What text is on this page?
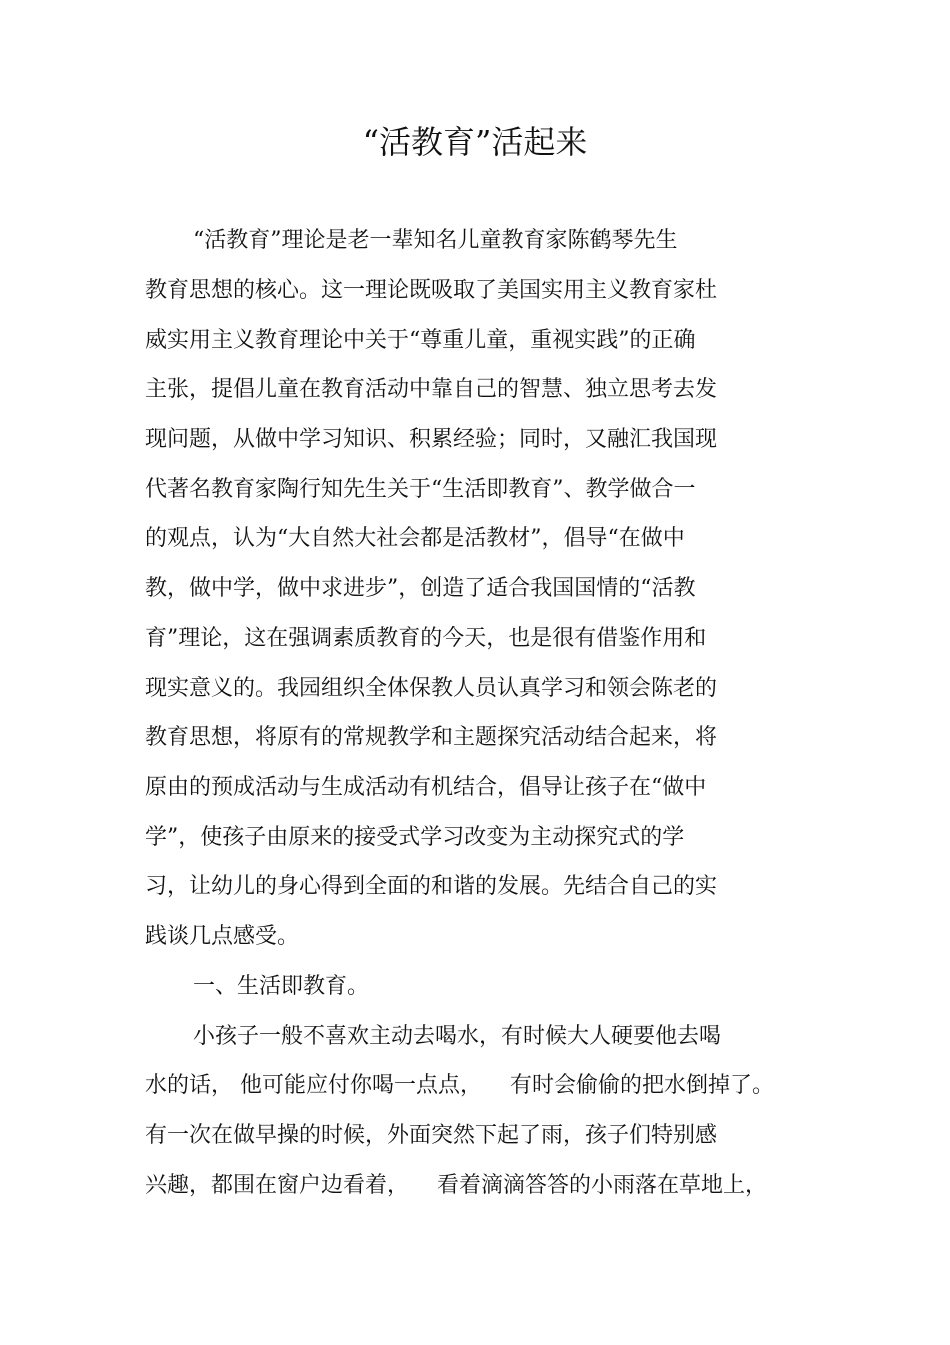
“活教育”活起来
“活教育”理论是老一辈知名儿童教育家陈鹤琴先生
教育思想的核心。这一理论既吸取了美国实用主义教育家杜
威实用主义教育理论中关于“尊重儿童，重视实践”的正确
主张，提倡儿童在教育活动中靠自己的智慧、独立思考去发
现问题，从做中学习知识、积累经验；同时，又融汇我国现
代著名教育家陶行知先生关于“生活即教育”、教学做合一
的观点，认为“大自然大社会都是活教材”，倡导“在做中
教，做中学，做中求进步”，创造了适合我国国情的“活教
育”理论，这在强调素质教育的今天，也是很有借鉴作用和
现实意义的。我园组织全体保教人员认真学习和领会陈老的
教育思想，将原有的常规教学和主题探究活动结合起来，将
原由的预成活动与生成活动有机结合，倡导让孩子在“做中
学”，使孩子由原来的接受式学习改变为主动探究式的学
习，让幼儿的身心得到全面的和谐的发展。先结合自己的实
践谈几点感受。
一、生活即教育。
小孩子一般不喜欢主动去喝水，有时候大人硬要他去喝
水的话， 他可能应付你喝一点点，    有时会偷偷的把水倒掉了。
有一次在做早操的时候，外面突然下起了雨，孩子们特别感
兴趣，都围在窗户边看着，    看着滴滴答答的小雨落在草地上，
